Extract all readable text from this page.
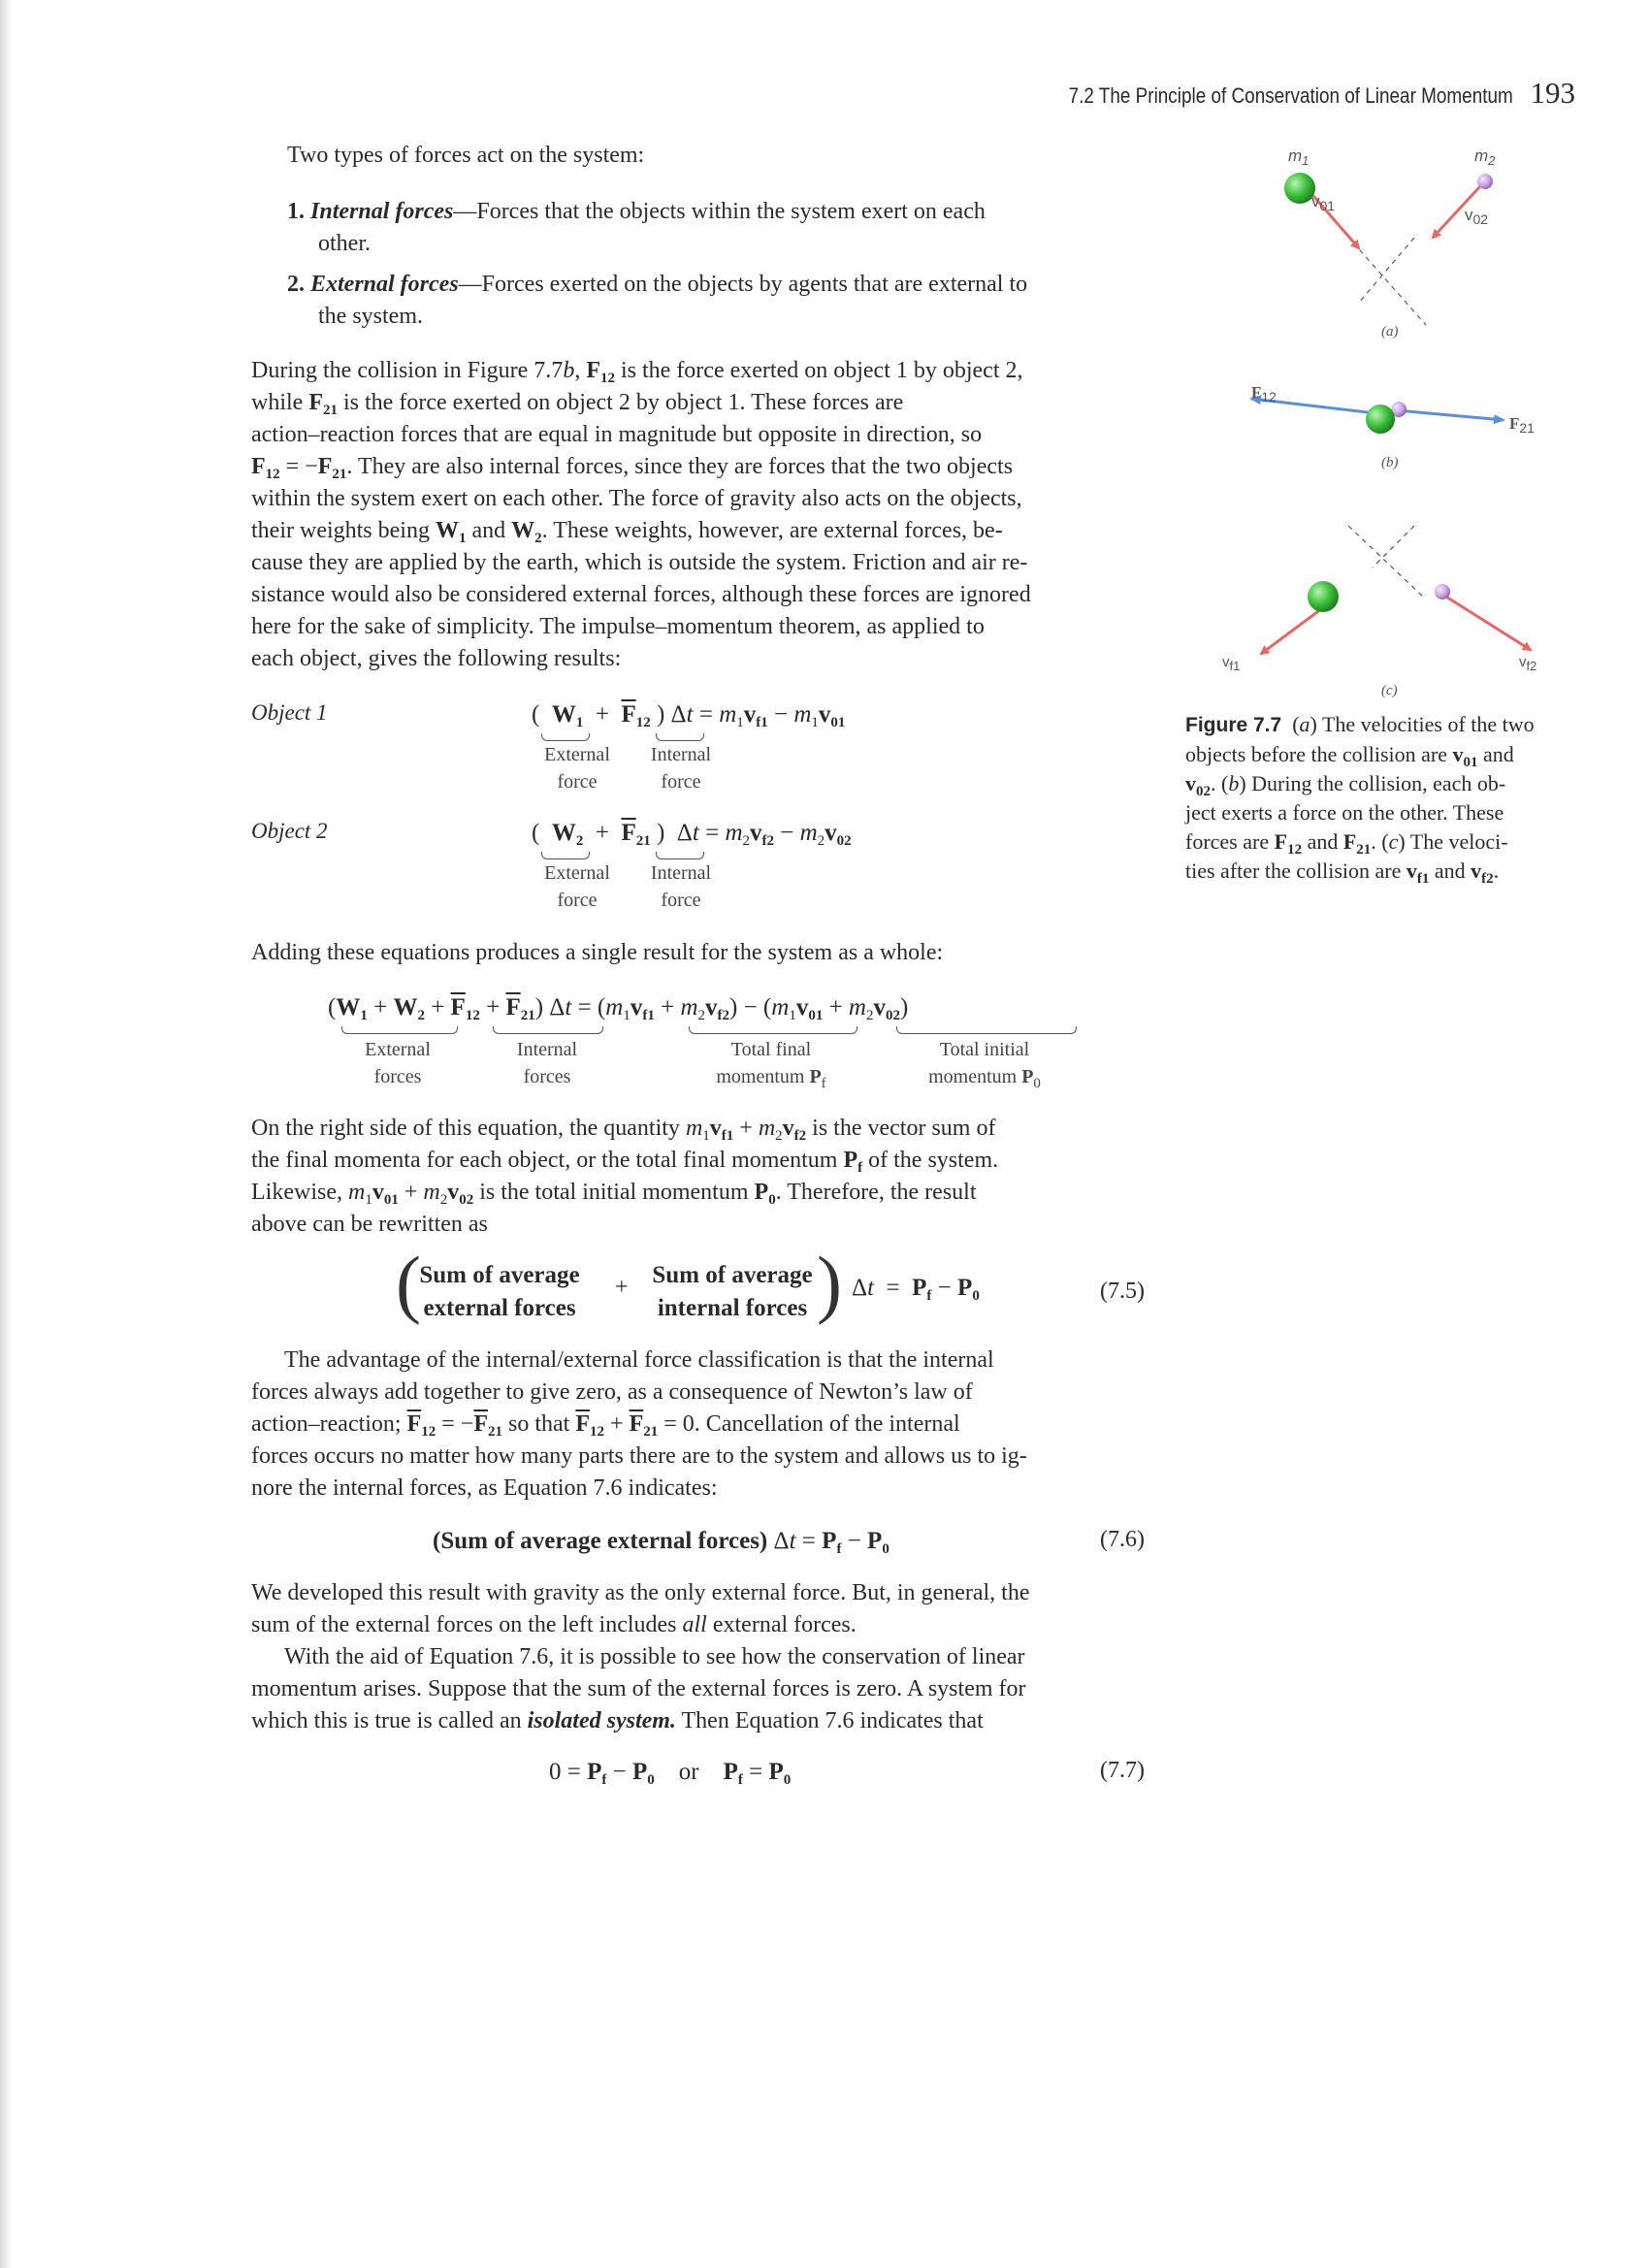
7.2 The Principle of Conservation of Linear Momentum 193
Two types of forces act on the system:
1. Internal forces—Forces that the objects within the system exert on each
other.
2. External forces—Forces exerted on the objects by agents that are external to
the system.
During the collision in Figure 7.7b, $F_{12}$ is the force exerted on object 1 by object 2,
while $F_{21}$ is the force exerted on object 2 by object 1. These forces are
action–reaction forces that are equal in magnitude but opposite in direction, so
$F_{12} = -F_{21}$. They are also internal forces, since they are forces that the two objects
within the system exert on each other. The force of gravity also acts on the objects,
their weights being $W_1$ and $W_2$. These weights, however, are external forces, be-
cause they are applied by the earth, which is outside the system. Friction and air re-
sistance would also be considered external forces, although these forces are ignored
here for the sake of simplicity. The impulse–momentum theorem, as applied to
each object, gives the following results:
Object 1	(  $W_1 + \overline{F}_{12}$ ) $\Delta t = m_1v_{f1} - m_1v_{01}$
External
force
Internal
force
Object 2	(  $W_2 + \overline{F}_{21}$ )  $\Delta t = m_2v_{f2} - m_2v_{02}$
External
force
Internal
force
Adding these equations produces a single result for the system as a whole:
$(W_1 + W_2 + \overline{F}_{12} + \overline{F}_{21}) \Delta t = (m_1v_{f1} + m_2v_{f2}) - (m_1v_{01} + m_2v_{02})$
External
forces
Internal
forces
Total final
momentum $P_f$
Total initial
momentum $P_0$
On the right side of this equation, the quantity $m_1v_{f1} + m_2v_{f2}$ is the vector sum of
the final momenta for each object, or the total final momentum $P_f$ of the system.
Likewise, $m_1v_{01} + m_2v_{02}$ is the total initial momentum $P_0$. Therefore, the result
above can be rewritten as
(
Sum of average
external forces
+ Sum of average
internal forces ) $\Delta t = P_f - P_0$	(7.5)
The advantage of the internal/external force classification is that the internal
forces always add together to give zero, as a consequence of Newton’s law of
action–reaction; $\overline{F}_{12} = -\overline{F}_{21}$ so that $\overline{F}_{12} + \overline{F}_{21} = 0$. Cancellation of the internal
forces occurs no matter how many parts there are to the system and allows us to ig-
nore the internal forces, as Equation 7.6 indicates:
(Sum of average external forces) $\Delta t = P_f - P_0$	(7.6)
We developed this result with gravity as the only external force. But, in general, the
sum of the external forces on the left includes all external forces.
With the aid of Equation 7.6, it is possible to see how the conservation of linear
momentum arises. Suppose that the sum of the external forces is zero. A system for
which this is true is called an isolated system. Then Equation 7.6 indicates that
$0 = P_f - P_0$ or $P_f = P_0$	(7.7)
$m_1$	$m_2$
$v_{01}$	$v_{02}$
(a)
$F_{12}$
$F_{21}$
(b)
vf1	vf2
(c)
Figure 7.7 (a) The velocities of the two
objects before the collision are $v_{01}$ and
$v_{02}$. (b) During the collision, each ob-
ject exerts a force on the other. These
forces are $F_{12}$ and $F_{21}$. (c) The veloci-
ties after the collision are $v_{f1}$ and $v_{f2}$.
